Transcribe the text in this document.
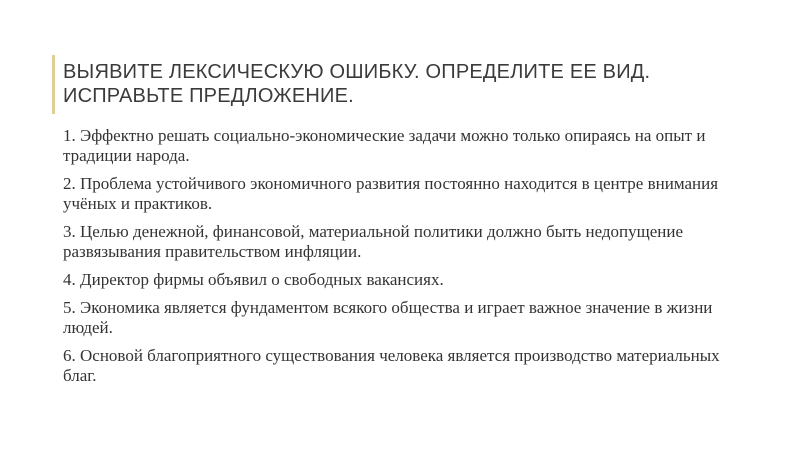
ВЫЯВИТЕ ЛЕКСИЧЕСКУЮ ОШИБКУ. ОПРЕДЕЛИТЕ ЕЕ ВИД.
ИСПРАВЬТЕ ПРЕДЛОЖЕНИЕ.
1. Эффектно решать социально-экономические задачи можно только опираясь на опыт и традиции народа.
2. Проблема устойчивого экономичного развития постоянно находится в центре внимания учёных и практиков.
3. Целью денежной, финансовой, материальной политики должно быть недопущение развязывания правительством инфляции.
4. Директор фирмы объявил о свободных вакансиях.
5. Экономика является фундаментом всякого общества и играет важное значение в жизни людей.
6. Основой благоприятного существования человека является производство материальных благ.
